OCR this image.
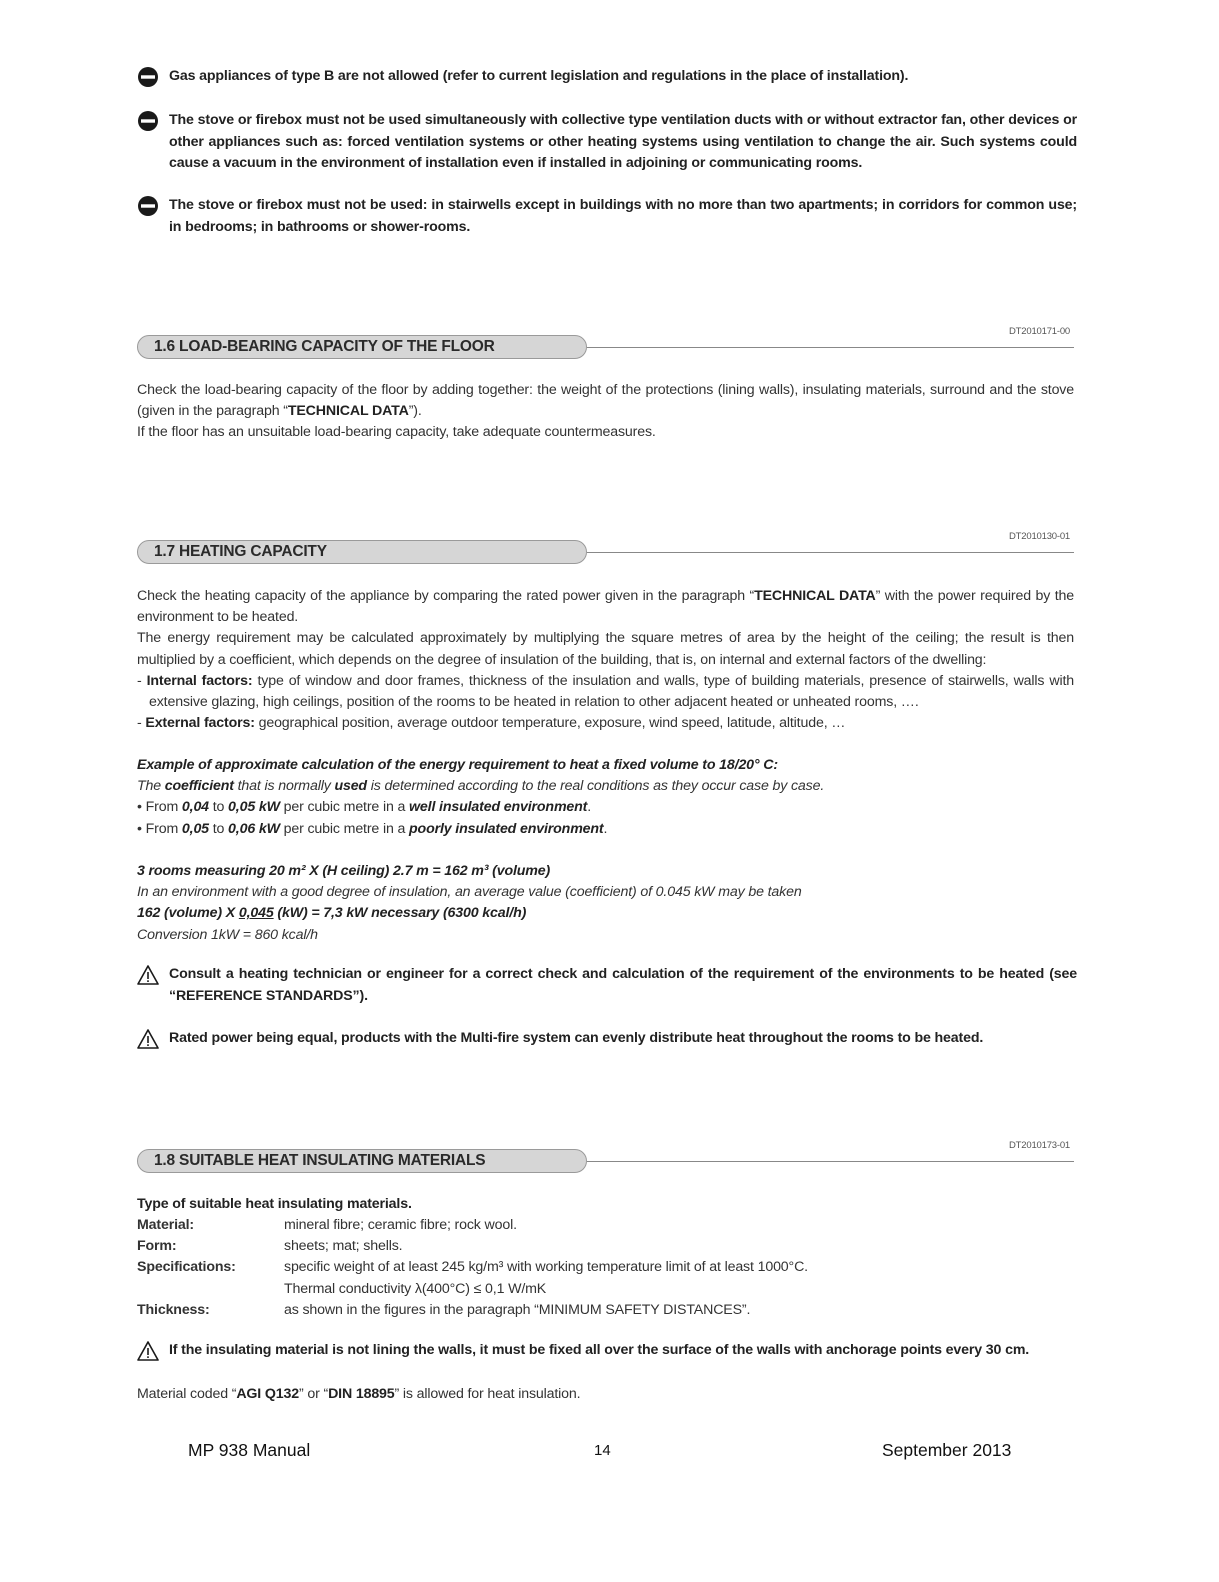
Gas appliances of type B are not allowed (refer to current legislation and regulations in the place of installation).

The stove or firebox must not be used simultaneously with collective type ventilation ducts with or without extractor fan, other devices or other appliances such as: forced ventilation systems or other heating systems using ventilation to change the air. Such systems could cause a vacuum in the environment of installation even if installed in adjoining or communicating rooms.

The stove or firebox must not be used: in stairwells except in buildings with no more than two apartments; in corridors for common use; in bedrooms; in bathrooms or shower-rooms.

1.6 LOAD-BEARING CAPACITY OF THE FLOOR
DT2010171-00

Check the load-bearing capacity of the floor by adding together: the weight of the protections (lining walls), insulating materials, surround and the stove (given in the paragraph “TECHNICAL DATA”).

If the floor has an unsuitable load-bearing capacity, take adequate countermeasures.

1.7 HEATING CAPACITY
DT2010130-01

Check the heating capacity of the appliance by comparing the rated power given in the paragraph “TECHNICAL DATA” with the power required by the environment to be heated.

The energy requirement may be calculated approximately by multiplying the square metres of area by the height of the ceiling; the result is then multiplied by a coefficient, which depends on the degree of insulation of the building, that is, on internal and external factors of the dwelling:

- Internal factors: type of window and door frames, thickness of the insulation and walls, type of building materials, presence of stairwells, walls with extensive glazing, high ceilings, position of the rooms to be heated in relation to other adjacent heated or unheated rooms, ….

- External factors: geographical position, average outdoor temperature, exposure, wind speed, latitude, altitude, …

Example of approximate calculation of the energy requirement to heat a fixed volume to 18/20° C:

The coefficient that is normally used is determined according to the real conditions as they occur case by case.

• From 0,04 to 0,05 kW per cubic metre in a well insulated environment.

• From 0,05 to 0,06 kW per cubic metre in a poorly insulated environment.

3 rooms measuring 20 m² X (H ceiling) 2.7 m = 162 m³ (volume)

In an environment with a good degree of insulation, an average value (coefficient) of 0.045 kW may be taken

162 (volume) X 0,045 (kW) = 7,3 kW necessary (6300 kcal/h)

Conversion 1kW = 860 kcal/h

Consult a heating technician or engineer for a correct check and calculation of the requirement of the environments to be heated (see “REFERENCE STANDARDS”).

Rated power being equal, products with the Multi-fire system can evenly distribute heat throughout the rooms to be heated.

1.8 SUITABLE HEAT INSULATING MATERIALS
DT2010173-01

Type of suitable heat insulating materials.

Material:	mineral fibre; ceramic fibre; rock wool.
Form:	sheets; mat; shells.
Specifications:	specific weight of at least 245 kg/m³ with working temperature limit of at least 1000°C.
Thermal conductivity λ(400°C) ≤ 0,1 W/mK
Thickness:	as shown in the figures in the paragraph “MINIMUM SAFETY DISTANCES”.

If the insulating material is not lining the walls, it must be fixed all over the surface of the walls with anchorage points every 30 cm.

Material coded “AGI Q132” or “DIN 18895” is allowed for heat insulation.

MP 938 Manual	14	September 2013
